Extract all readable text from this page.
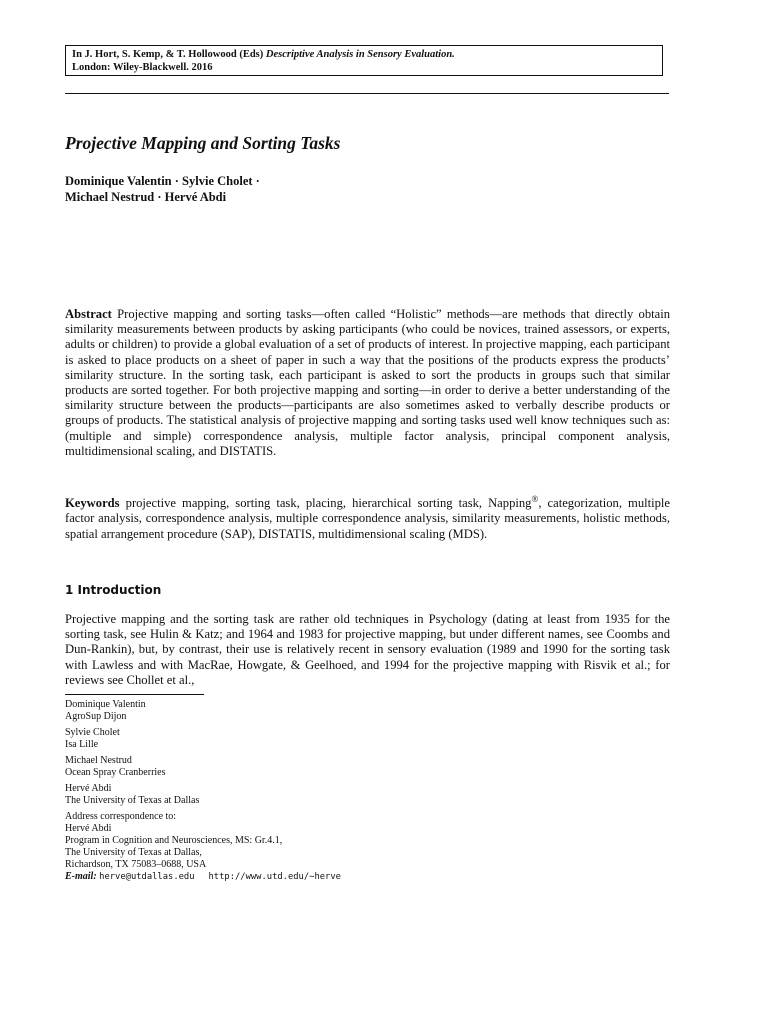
In J. Hort, S. Kemp, & T. Hollowood (Eds) Descriptive Analysis in Sensory Evaluation.
London: Wiley-Blackwell. 2016
Projective Mapping and Sorting Tasks
Dominique Valentin · Sylvie Cholet ·
Michael Nestrud · Hervé Abdi

Abstract Projective mapping and sorting tasks—often called “Holistic” methods—are methods that directly obtain similarity measurements between products by asking participants (who could be novices, trained assessors, or experts, adults or children) to provide a global evaluation of a set of products of interest. In projective mapping, each participant is asked to place products on a sheet of paper in such a way that the positions of the products express the products’ similarity structure. In the sorting task, each participant is asked to sort the products in groups such that similar products are sorted together. For both projective mapping and sorting—in order to derive a better understanding of the similarity structure between the products—participants are also sometimes asked to verbally describe products or groups of products. The statistical analysis of projective mapping and sorting tasks used well know techniques such as: (multiple and simple) correspondence analysis, multiple factor analysis, principal component analysis, multidimensional scaling, and DISTATIS.

Keywords projective mapping, sorting task, placing, hierarchical sorting task, Napping®, categorization, multiple factor analysis, correspondence analysis, multiple correspondence analysis, similarity measurements, holistic methods, spatial arrangement procedure (SAP), DISTATIS, multidimensional scaling (MDS).

1 Introduction

Projective mapping and the sorting task are rather old techniques in Psychology (dating at least from 1935 for the sorting task, see Hulin & Katz; and 1964 and 1983 for projective mapping, but under different names, see Coombs and Dun-Rankin), but, by contrast, their use is relatively recent in sensory evaluation (1989 and 1990 for the sorting task with Lawless and with MacRae, Howgate, & Geelhoed, and 1994 for the projective mapping with Risvik et al.; for reviews see Chollet et al.,

Dominique Valentin
AgroSup Dijon
Sylvie Cholet
Isa Lille
Michael Nestrud
Ocean Spray Cranberries
Hervé Abdi
The University of Texas at Dallas
Address correspondence to:
Hervé Abdi
Program in Cognition and Neurosciences, MS: Gr.4.1,
The University of Texas at Dallas,
Richardson, TX 75083–0688, USA
E-mail: herve@utdallas.edu http://www.utd.edu/∼herve
